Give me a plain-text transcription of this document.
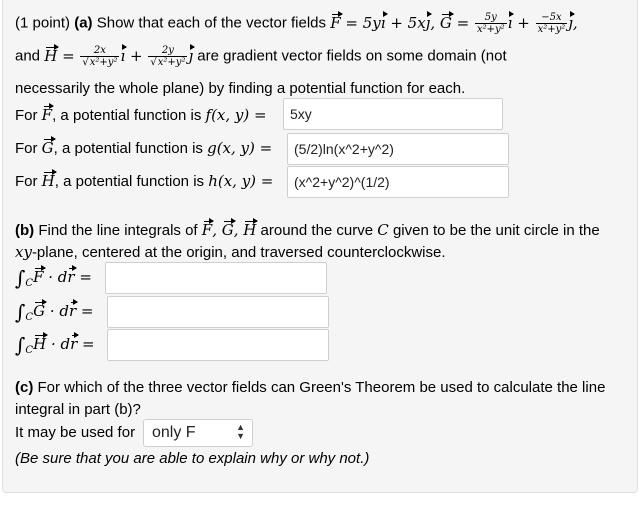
(1 point) (a) Show that each of the vector fields F = 5yı + 5xȷ, $G = \frac{5y}{\text{x²+y²}}$ ı + $\frac{-5x}{\text{x²+y²}}$ ȷ,
and $H = \frac{2x}{\text{√x²+y²}}$ ı + $\frac{2y}{\text{√x²+y²}}$ ȷ are gradient vector fields on some domain (not
necessarily the whole plane) by finding a potential function for each.
For F, a potential function is f(x, y) =	5xy
For G, a potential function is g(x, y) =	(5/2)ln(x^2+y^2)
For H, a potential function is h(x, y) =	(x^2+y^2)^(1/2)
(b) Find the line integrals of F, G, H around the curve C given to be the unit circle in the
xy-plane, centered at the origin, and traversed counterclockwise.
$\int_CF$ · dr =
$\int_CG$ · dr =
$\int_CH$ · dr =
(c) For which of the three vector fields can Green's Theorem be used to calculate the line
integral in part (b)?
It may be used for	only F	▲
▼
(Be sure that you are able to explain why or why not.)
